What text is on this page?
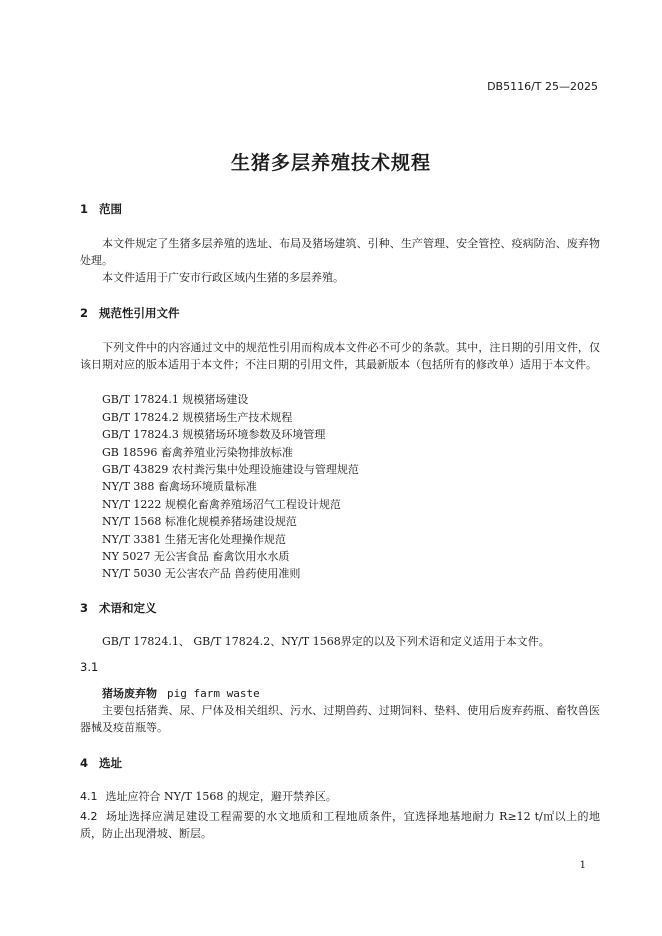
DB5116/T 25—2025
生猪多层养殖技术规程
1 范围
本文件规定了生猪多层养殖的选址、布局及猪场建筑、引种、生产管理、安全管控、疫病防治、废弃物处理。
本文件适用于广安市行政区域内生猪的多层养殖。
2 规范性引用文件
下列文件中的内容通过文中的规范性引用而构成本文件必不可少的条款。其中，注日期的引用文件，仅该日期对应的版本适用于本文件；不注日期的引用文件，其最新版本（包括所有的修改单）适用于本文件。
GB/T 17824.1 规模猪场建设
GB/T 17824.2 规模猪场生产技术规程
GB/T 17824.3 规模猪场环境参数及环境管理
GB 18596 畜禽养殖业污染物排放标准
GB/T 43829 农村粪污集中处理设施建设与管理规范
NY/T 388 畜禽场环境质量标准
NY/T 1222 规模化畜禽养殖场沼气工程设计规范
NY/T 1568 标准化规模养猪场建设规范
NY/T 3381 生猪无害化处理操作规范
NY 5027 无公害食品 畜禽饮用水水质
NY/T 5030 无公害农产品 兽药使用准则
3 术语和定义
GB/T 17824.1、 GB/T 17824.2、NY/T 1568界定的以及下列术语和定义适用于本文件。
3.1
猪场废弃物 pig farm waste
主要包括猪粪、尿、尸体及相关组织、污水、过期兽药、过期饲料、垫料、使用后废弃药瓶、畜牧兽医器械及疫苗瓶等。
4 选址
4.1 选址应符合 NY/T 1568 的规定，避开禁养区。
4.2 场址选择应满足建设工程需要的水文地质和工程地质条件，宜选择地基地耐力 R≥12 t/㎡以上的地质，防止出现滑坡、断层。
1
